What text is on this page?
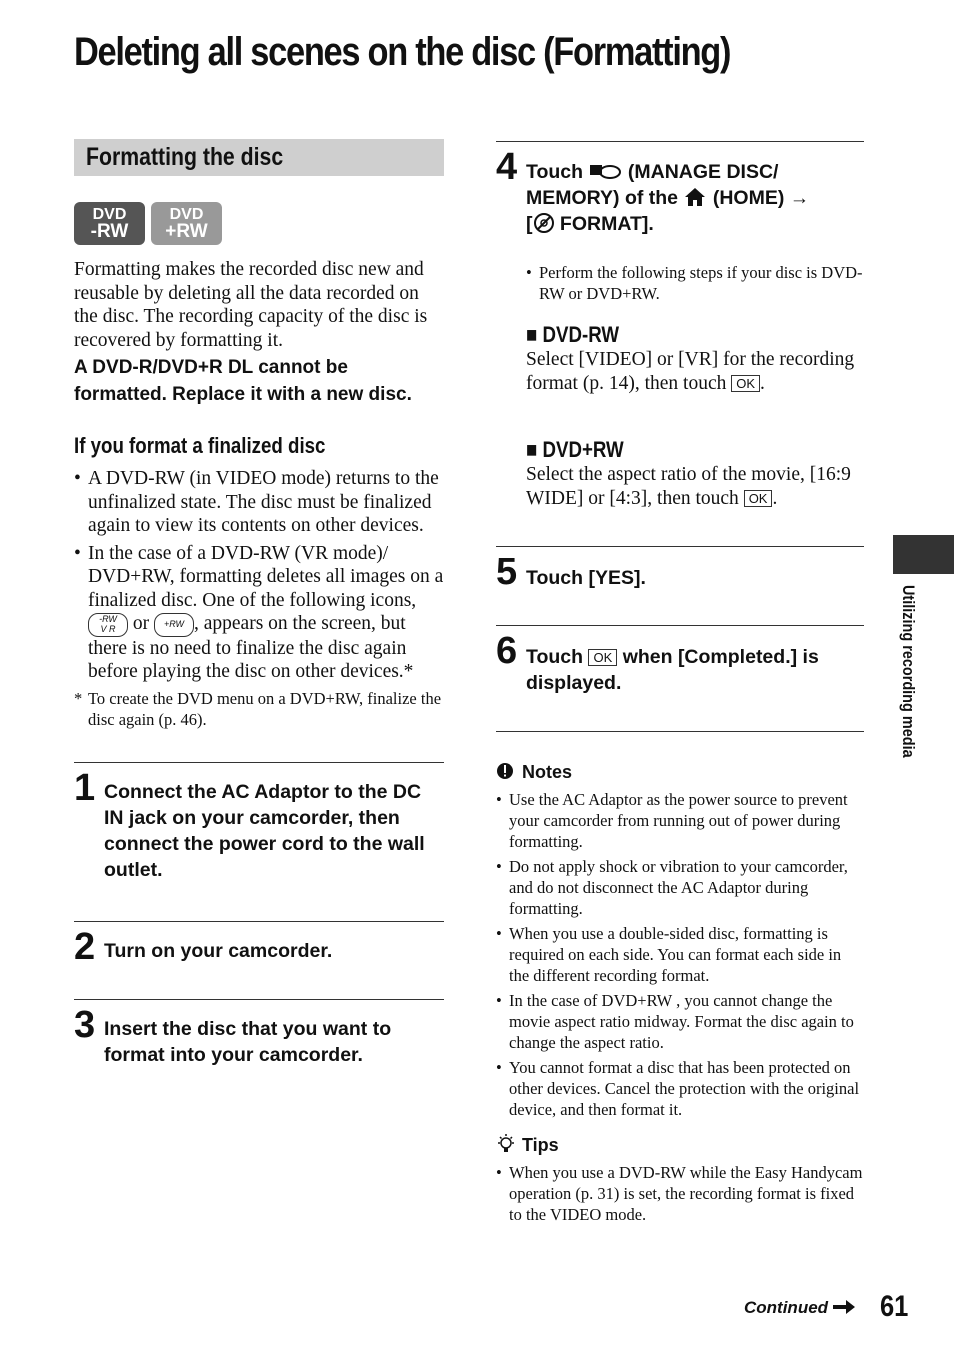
Deleting all scenes on the disc (Formatting)
Formatting the disc
DVD
-RW
DVD
+RW

Formatting makes the recorded disc new and reusable by deleting all the data recorded on the disc. The recording capacity of the disc is recovered by formatting it.

A DVD-R/DVD+R DL cannot be formatted. Replace it with a new disc.

If you format a finalized disc
• A DVD-RW (in VIDEO mode) returns to the unfinalized state. The disc must be finalized again to view its contents on other devices.
• In the case of a DVD-RW (VR mode)/ DVD+RW, formatting deletes all images on a finalized disc. One of the following icons, -RW
V R or +RW , appears on the screen, but there is no need to finalize the disc again before playing the disc on other devices.*
* To create the DVD menu on a DVD+RW, finalize the disc again (p. 46).
1 Connect the AC Adaptor to the DC IN jack on your camcorder, then connect the power cord to the wall outlet.
2 Turn on your camcorder.
3 Insert the disc that you want to format into your camcorder.
4 Touch (MANAGE DISC/ MEMORY) of the (HOME) →
[ FORMAT].
• Perform the following steps if your disc is DVD-RW or DVD+RW.
■ DVD-RW
Select [VIDEO] or [VR] for the recording format (p. 14), then touch OK .
■ DVD+RW
Select the aspect ratio of the movie, [16:9 WIDE] or [4:3], then touch OK .
5 Touch [YES].
6 Touch OK when [Completed.] is displayed.
Notes
• Use the AC Adaptor as the power source to prevent your camcorder from running out of power during formatting.
• Do not apply shock or vibration to your camcorder, and do not disconnect the AC Adaptor during formatting.
• When you use a double-sided disc, formatting is required on each side. You can format each side in the different recording format.
• In the case of DVD+RW , you cannot change the movie aspect ratio midway. Format the disc again to change the aspect ratio.
• You cannot format a disc that has been protected on other devices. Cancel the protection with the original device, and then format it.
Tips
• When you use a DVD-RW while the Easy Handycam operation (p. 31) is set, the recording format is fixed to the VIDEO mode.
Utilizing recording media
Continued	61
